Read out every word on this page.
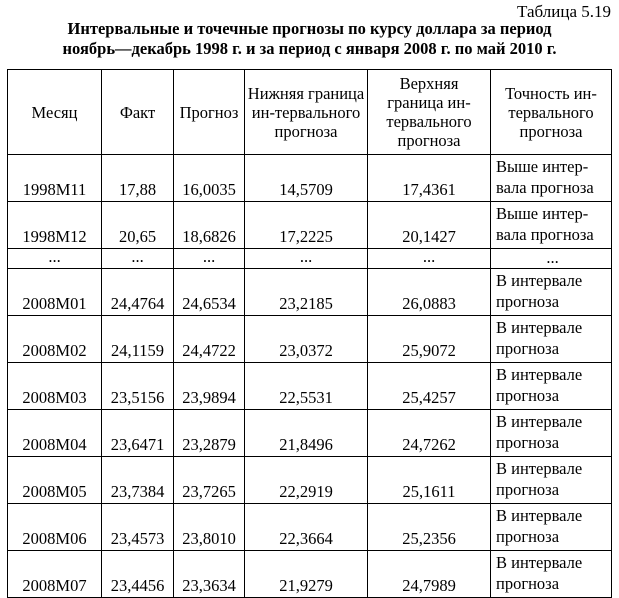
Таблица 5.19
Интервальные и точечные прогнозы по курсу доллара за период
ноябрь—декабрь 1998 г. и за период с января 2008 г. по май 2010 г.
Месяц	Факт	Прогноз	Нижняя граница ин-тервального прогноза	Верхняя граница ин-тервального прогноза	Точность ин-тервального прогноза
1998M11	17,88	16,0035	14,5709	17,4361	Выше интер-вала прогноза
1998M12	20,65	18,6826	17,2225	20,1427	Выше интер-вала прогноза
...	...	...	...	...	...
2008M01	24,4764	24,6534	23,2185	26,0883	В интервале прогноза
2008M02	24,1159	24,4722	23,0372	25,9072	В интервале прогноза
2008M03	23,5156	23,9894	22,5531	25,4257	В интервале прогноза
2008M04	23,6471	23,2879	21,8496	24,7262	В интервале прогноза
2008M05	23,7384	23,7265	22,2919	25,1611	В интервале прогноза
2008M06	23,4573	23,8010	22,3664	25,2356	В интервале прогноза
2008M07	23,4456	23,3634	21,9279	24,7989	В интервале прогноза
